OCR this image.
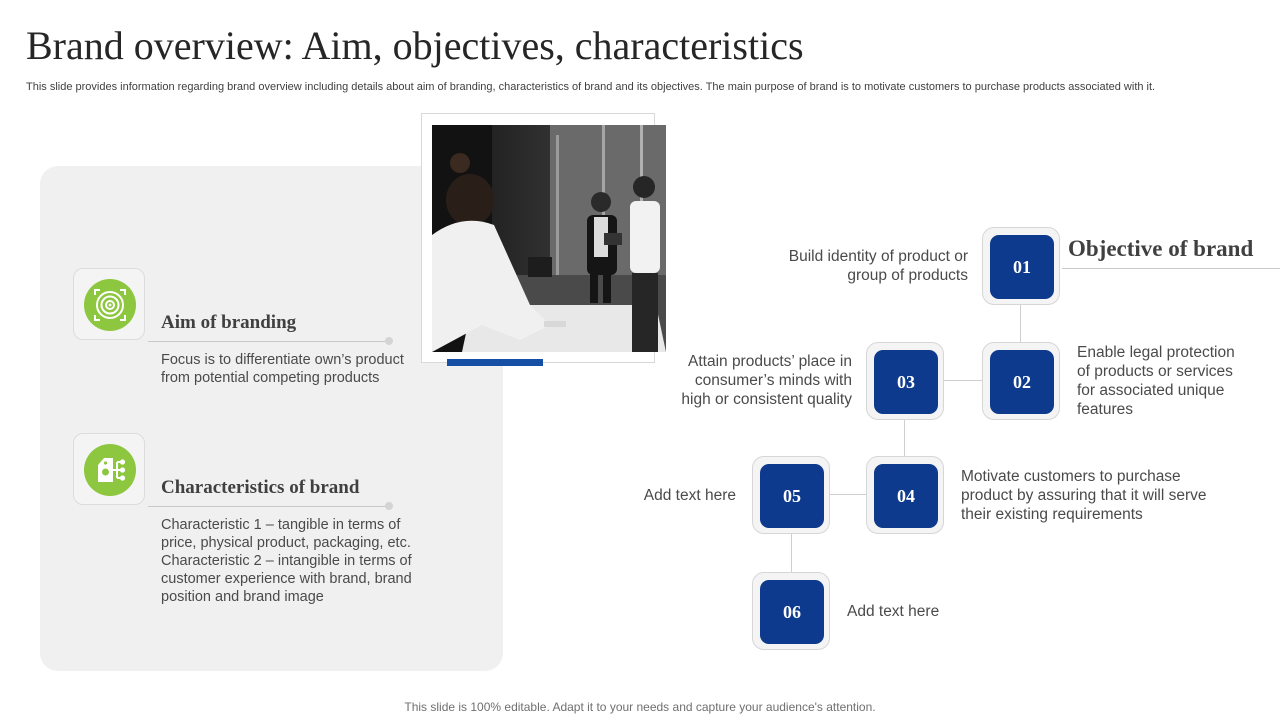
Brand overview: Aim, objectives, characteristics
This slide provides information regarding brand overview including details about aim of branding, characteristics of brand and its objectives. The main purpose of brand is to motivate customers to purchase products associated with it.
Aim of branding
Focus is to differentiate own’s product from potential competing products
Characteristics of brand
Characteristic 1 – tangible in terms of price, physical product, packaging, etc. Characteristic 2 – intangible in terms of customer experience with brand, brand position and brand image
Objective of brand
01
02
03
04
05
06
Build identity of product or group of products
Enable legal protection of products or services for associated unique features
Attain products’ place in consumer’s minds with high or consistent quality
Motivate customers to purchase product by assuring that it will serve their existing requirements
Add text here
Add text here
This slide is 100% editable. Adapt it to your needs and capture your audience's attention.
